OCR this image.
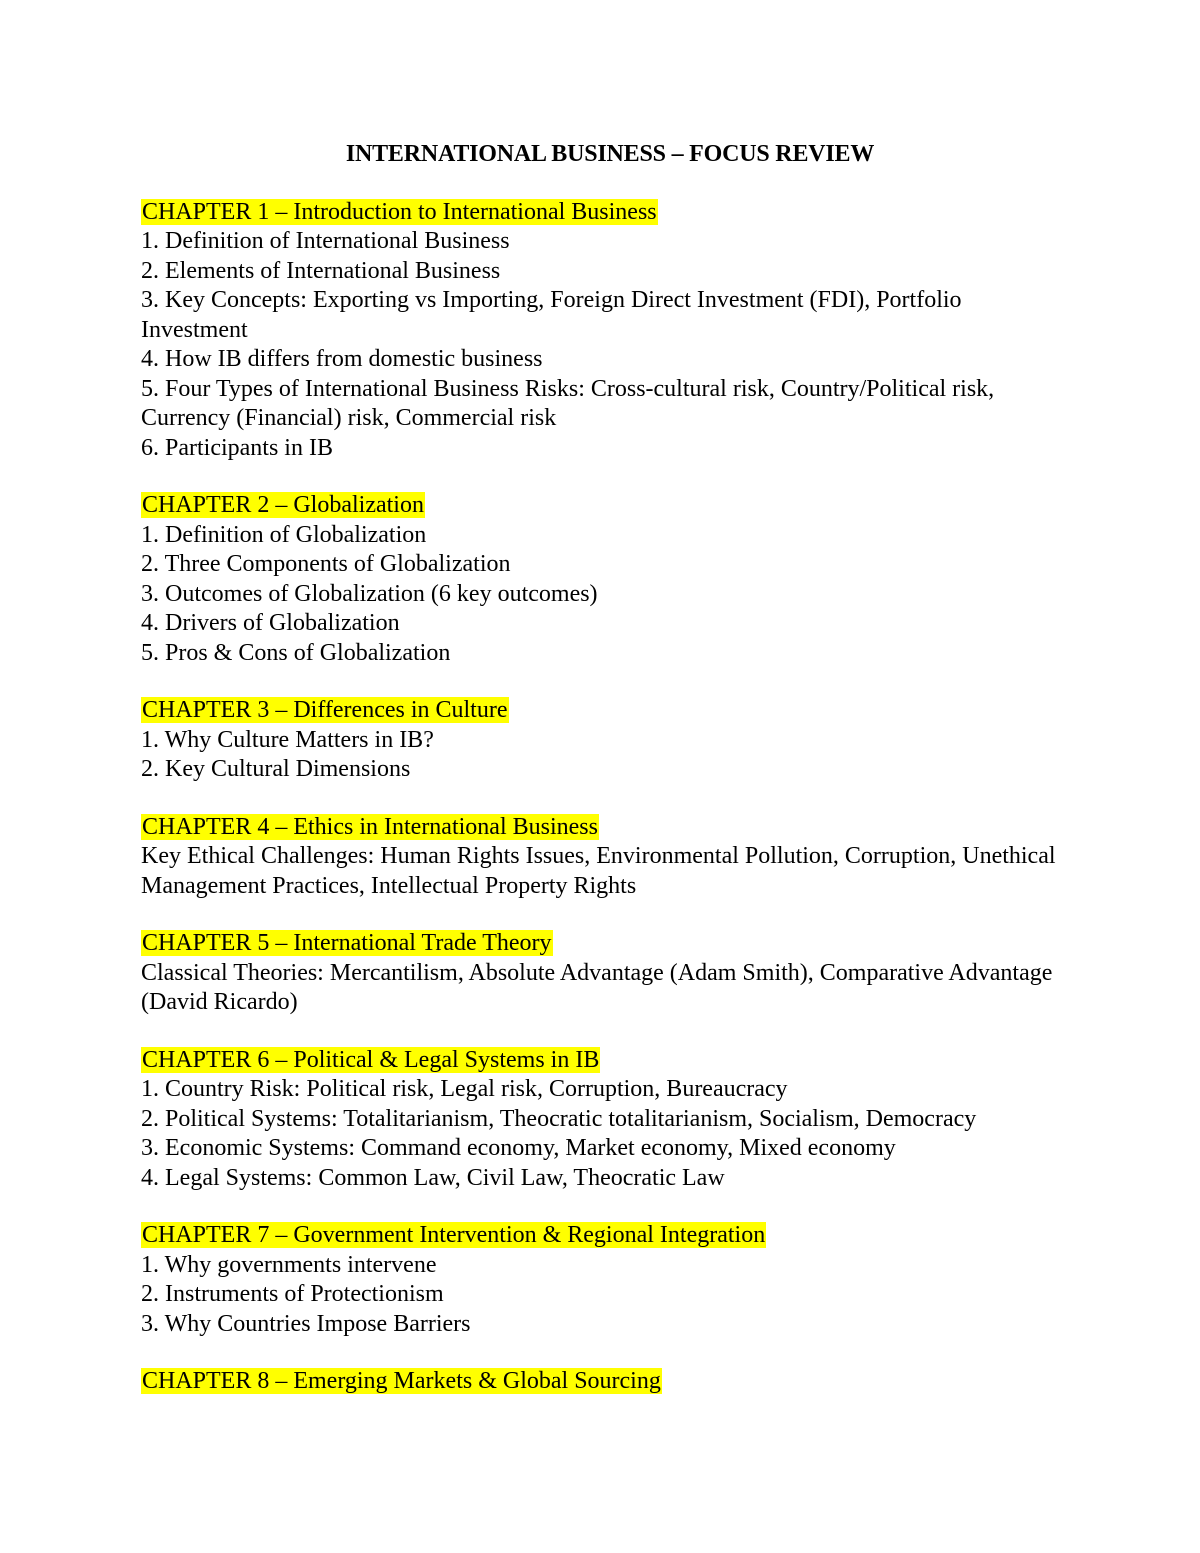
INTERNATIONAL BUSINESS – FOCUS REVIEW
CHAPTER 1 – Introduction to International Business
1. Definition of International Business
2. Elements of International Business
3. Key Concepts: Exporting vs Importing, Foreign Direct Investment (FDI), Portfolio Investment
4. How IB differs from domestic business
5. Four Types of International Business Risks: Cross-cultural risk, Country/Political risk, Currency (Financial) risk, Commercial risk
6. Participants in IB
CHAPTER 2 – Globalization
1. Definition of Globalization
2. Three Components of Globalization
3. Outcomes of Globalization (6 key outcomes)
4. Drivers of Globalization
5. Pros & Cons of Globalization
CHAPTER 3 – Differences in Culture
1. Why Culture Matters in IB?
2. Key Cultural Dimensions
CHAPTER 4 – Ethics in International Business
Key Ethical Challenges: Human Rights Issues, Environmental Pollution, Corruption, Unethical Management Practices, Intellectual Property Rights
CHAPTER 5 – International Trade Theory
Classical Theories: Mercantilism, Absolute Advantage (Adam Smith), Comparative Advantage (David Ricardo)
CHAPTER 6 – Political & Legal Systems in IB
1. Country Risk: Political risk, Legal risk, Corruption, Bureaucracy
2. Political Systems: Totalitarianism, Theocratic totalitarianism, Socialism, Democracy
3. Economic Systems: Command economy, Market economy, Mixed economy
4. Legal Systems: Common Law, Civil Law, Theocratic Law
CHAPTER 7 – Government Intervention & Regional Integration
1. Why governments intervene
2. Instruments of Protectionism
3. Why Countries Impose Barriers
CHAPTER 8 – Emerging Markets & Global Sourcing
